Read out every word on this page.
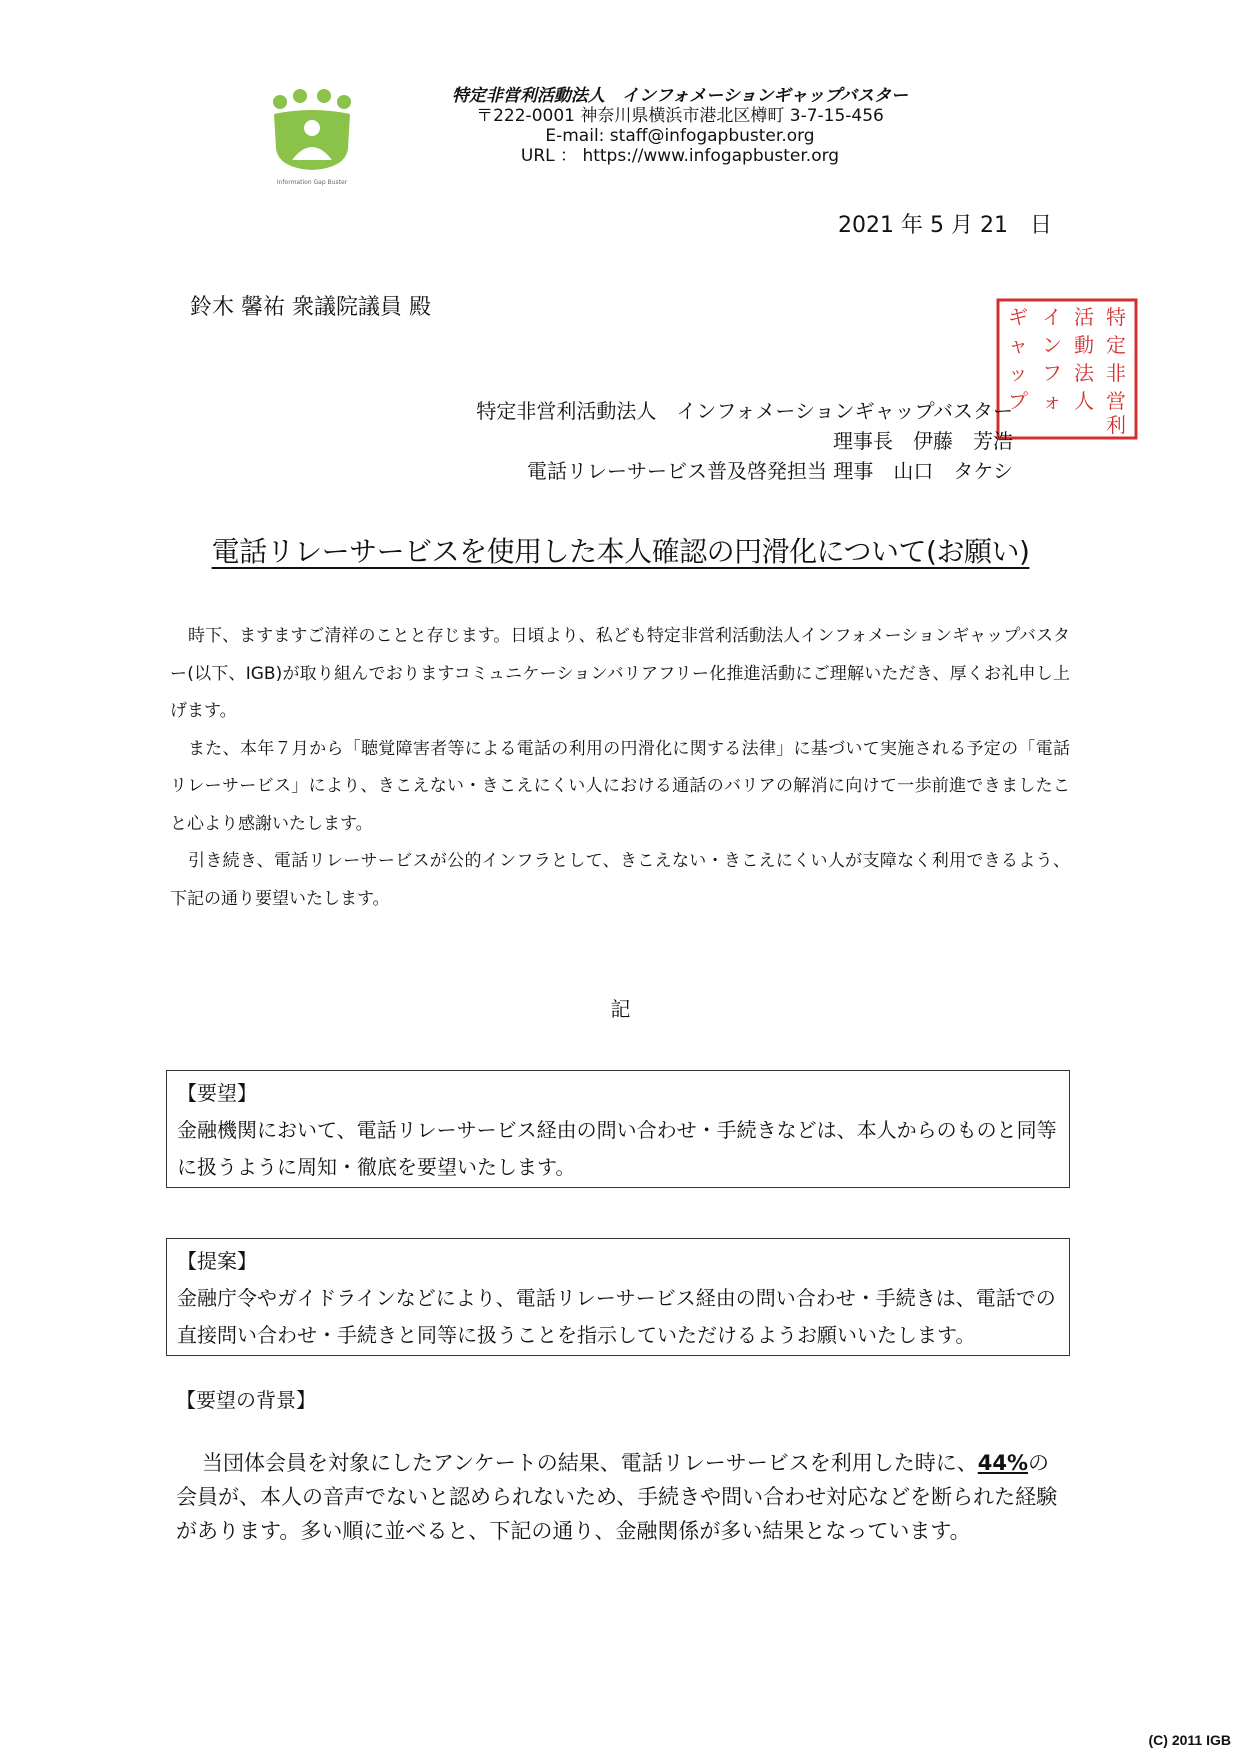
Information Gap Buster
特定非営利活動法人　インフォメーションギャップバスター
〒222-0001 神奈川県横浜市港北区樽町 3-7-15-456
E-mail: staff@infogapbuster.org
URL ： https://www.infogapbuster.org
2021 年 5 月 21　日
鈴木 馨祐 衆議院議員 殿	特
定
非
営
利
活
動
法
人
イ
ン
フ
ォ
ギ
ャ
ッ
プ
特定非営利活動法人　インフォメーションギャップバスター
理事長　伊藤　芳浩
電話リレーサービス普及啓発担当 理事　山口　タケシ
電話リレーサービスを使用した本人確認の円滑化について(お願い)

時下、ますますご清祥のことと存じます。日頃より、私ども特定非営利活動法人インフォメーションギャップバスター(以下、IGB)が取り組んでおりますコミュニケーションバリアフリー化推進活動にご理解いただき、厚くお礼申し上げます。

また、本年７月から「聴覚障害者等による電話の利用の円滑化に関する法律」に基づいて実施される予定の「電話リレーサービス」により、きこえない・きこえにくい人における通話のバリアの解消に向けて一歩前進できましたこと心より感謝いたします。

引き続き、電話リレーサービスが公的インフラとして、きこえない・きこえにくい人が支障なく利用できるよう、下記の通り要望いたします。

記
【要望】
金融機関において、電話リレーサービス経由の問い合わせ・手続きなどは、本人からのものと同等に扱うように周知・徹底を要望いたします。
【提案】
金融庁令やガイドラインなどにより、電話リレーサービス経由の問い合わせ・手続きは、電話での直接問い合わせ・手続きと同等に扱うことを指示していただけるようお願いいたします。
【要望の背景】

当団体会員を対象にしたアンケートの結果、電話リレーサービスを利用した時に、44%の会員が、本人の音声でないと認められないため、手続きや問い合わせ対応などを断られた経験があります。多い順に並べると、下記の通り、金融関係が多い結果となっています。

(C) 2011 IGB
